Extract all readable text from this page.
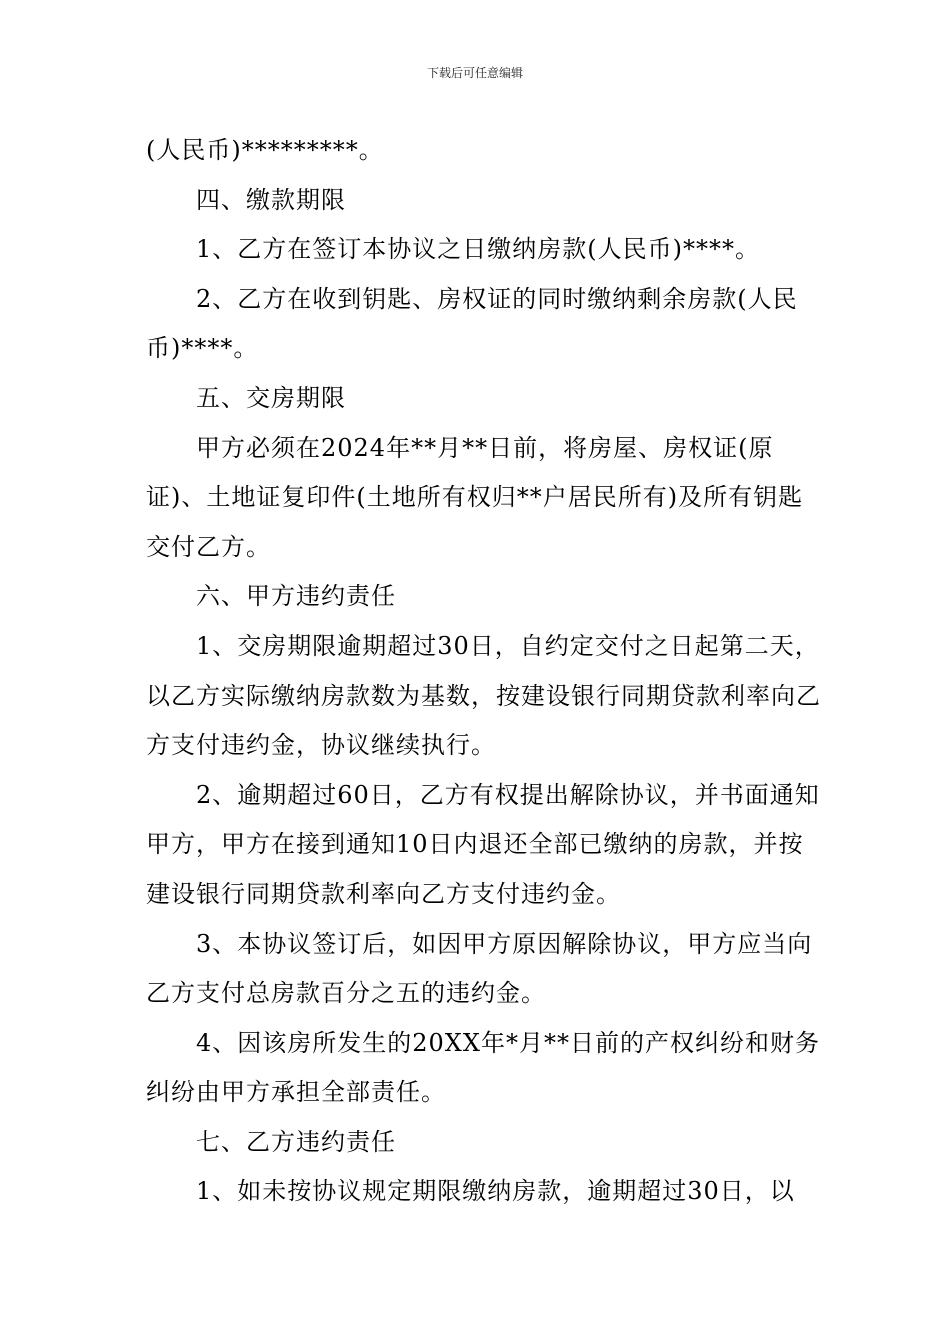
下载后可任意编辑

(人民币)*********。

四、缴款期限

1、乙方在签订本协议之日缴纳房款(人民币)****。

2、乙方在收到钥匙、房权证的同时缴纳剩余房款(人民币)****。

五、交房期限

甲方必须在2024年**月**日前，将房屋、房权证(原证)、土地证复印件(土地所有权归**户居民所有)及所有钥匙交付乙方。

六、甲方违约责任

1、交房期限逾期超过30日，自约定交付之日起第二天，以乙方实际缴纳房款数为基数，按建设银行同期贷款利率向乙方支付违约金，协议继续执行。

2、逾期超过60日，乙方有权提出解除协议，并书面通知甲方，甲方在接到通知10日内退还全部已缴纳的房款，并按建设银行同期贷款利率向乙方支付违约金。

3、本协议签订后，如因甲方原因解除协议，甲方应当向乙方支付总房款百分之五的违约金。

4、因该房所发生的20XX年*月**日前的产权纠纷和财务纠纷由甲方承担全部责任。

七、乙方违约责任

1、如未按协议规定期限缴纳房款，逾期超过30日，以
